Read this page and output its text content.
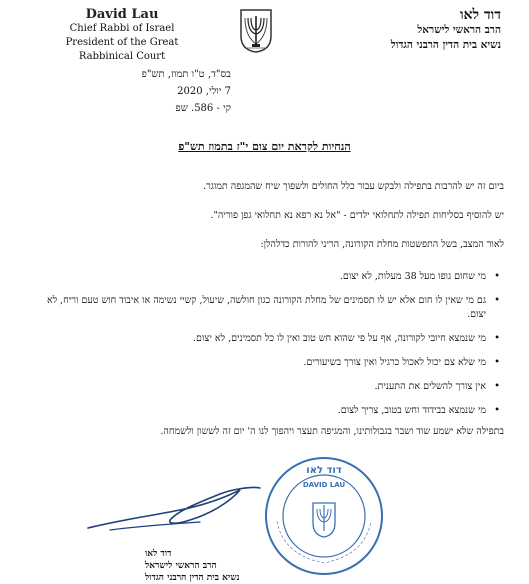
David Lau
Chief Rabbi of Israel
President of the Great Rabbinical Court
דוד לאו
הרב הראשי לישראל
נשיא בית הדין הרבני הגדול
בס"ד, ט"ו תמוז, תש"פ
7 יולי, 2020
קי - 586. שפ
הנחיות לקראת יום צום י"ז בתמוז תש"פ
ביום זה יש להרבות בתפילה ולבקש עבור כלל החולים ולשפוך שיח שהמגפה תמוגר.
יש להוסיף בסליחות תפילה לתחלואי ילדים - "אל נא רפא נא תחלואי גפן פוריה".
לאור המצב, בשל התפשטות מחלת הקורונה, הריני להורות כדלהלן:
• מי שחום גופו מעל 38 מעלות, לא יצום.
• גם מי שאין לו חום אלא יש לו תסמינים של מחלת הקורונה כגון חולשה, שיעול, קשיי נשימה או איבוד חוש טעם וריח, לא יצום.
• מי שנמצא חיובי לקורונה, אף על פי שהוא חש טוב ואין לו כל תסמינים, לא יצום.
• מי שלא צם יכול לאכול כרגיל ואין צורך בשיעורים.
• אין צורך להשלים את התענית.
• מי שנמצא בבידוד וחש בטוב, צריך לצום.
בתפילה שלא ישמע שוד ושבר בגבולותינו, והמגיפה תעצר ויהפוך לנו ה' יום זה לששון ולשמחה.
דוד לאו
הרב הראשי לישראל
נשיא בית הדין הרבני הגדול
דוד לאו
DAVID LAU
